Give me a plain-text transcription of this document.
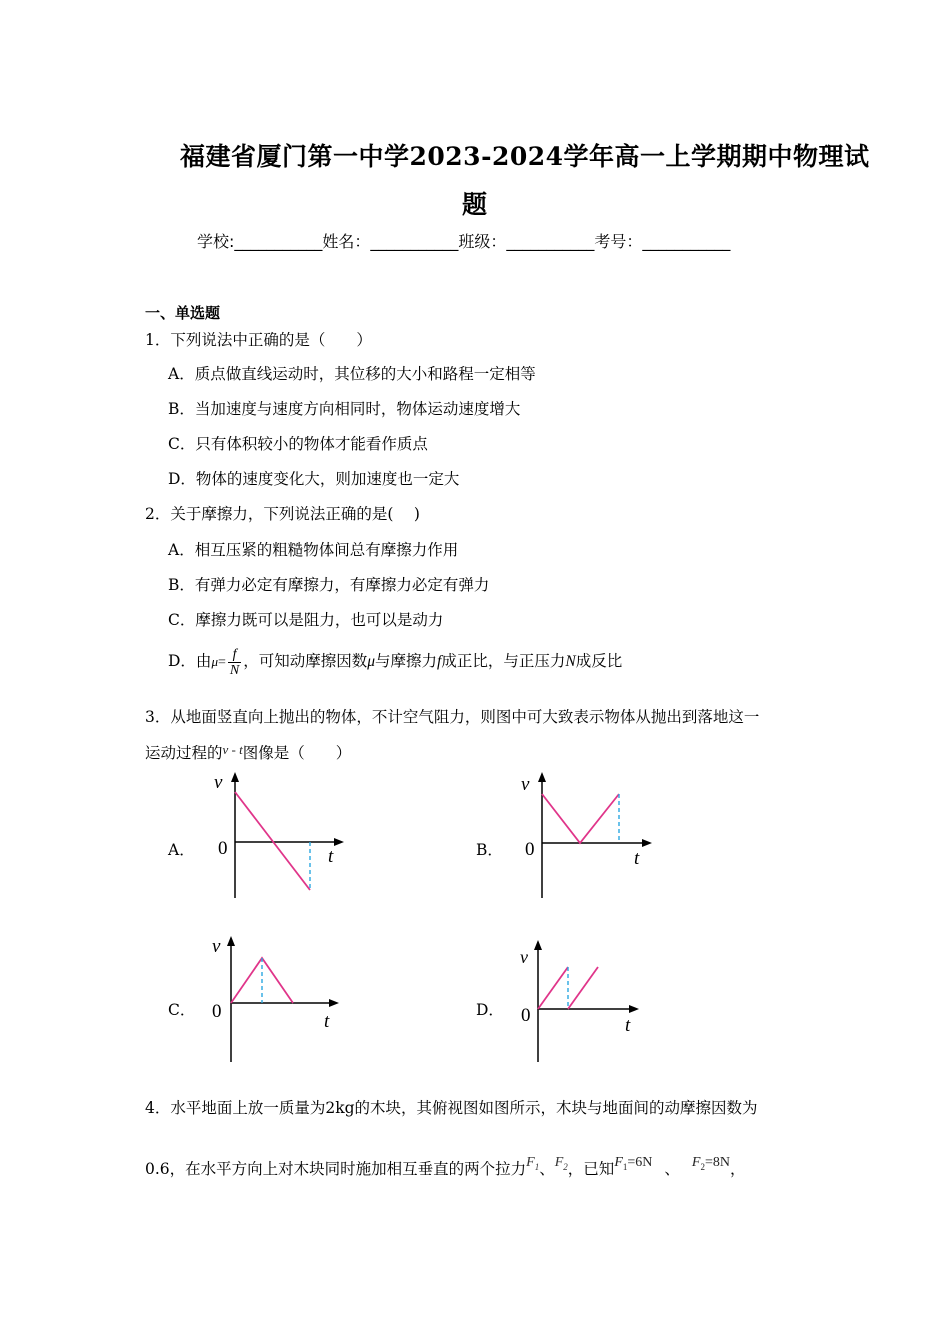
福建省厦门第一中学2023-2024学年高一上学期期中物理试
题
学校:___________姓名：___________班级：___________考号：___________
一、单选题
1．下列说法中正确的是（　　）
A．质点做直线运动时，其位移的大小和路程一定相等
B．当加速度与速度方向相同时，物体运动速度增大
C．只有体积较小的物体才能看作质点
D．物体的速度变化大，则加速度也一定大
2．关于摩擦力，下列说法正确的是(　 )
A．相互压紧的粗糙物体间总有摩擦力作用
B．有弹力必定有摩擦力，有摩擦力必定有弹力
C．摩擦力既可以是阻力，也可以是动力
D．由$\mu= \frac{f}{N}$ ，可知动摩擦因数μ与摩擦力f成正比，与正压力N成反比
3．从地面竖直向上抛出的物体，不计空气阻力，则图中可大致表示物体从抛出到落地这一
运动过程的$^{v - t}$图像是（　　）
A．	B．
C．	D．
v
0	t
v
0	t
v
0	t
v
0	t
4．水平地面上放一质量为2kg的木块，其俯视图如图所示，木块与地面间的动摩擦因数为
0.6，在水平方向上对木块同时施加相互垂直的两个拉力$F_1$、$F_2$，已知$F_1=6N$ 、 $F_2=8N$，
